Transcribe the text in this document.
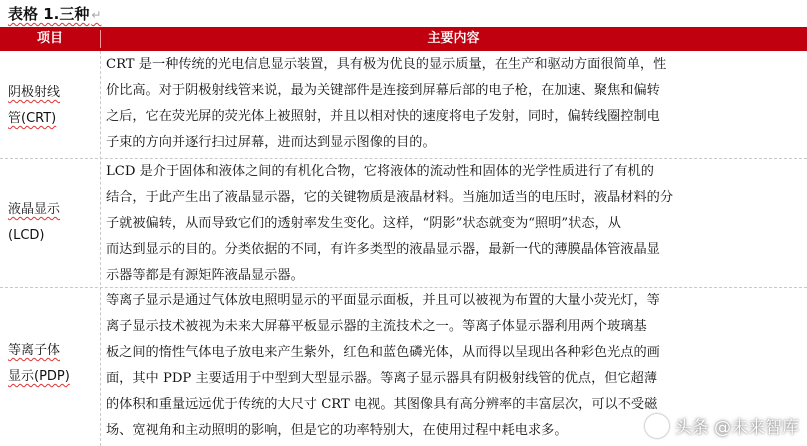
表格 1.三种 ↵
项目	主要内容
阴极射线
管(CRT)
CRT 是一种传统的光电信息显示装置，具有极为优良的显示质量，在生产和驱动方面很简单，性
价比高。对于阴极射线管来说，最为关键部件是连接到屏幕后部的电子枪，在加速、聚焦和偏转
之后，它在荧光屏的荧光体上被照射，并且以相对快的速度将电子发射，同时，偏转线圈控制电
子束的方向并逐行扫过屏幕，进而达到显示图像的目的。
液晶显示
(LCD)
LCD 是介于固体和液体之间的有机化合物，它将液体的流动性和固体的光学性质进行了有机的
结合，于此产生出了液晶显示器，它的关键物质是液晶材料。当施加适当的电压时，液晶材料的分
子就被偏转，从而导致它们的透射率发生变化。这样，“阴影”状态就变为“照明”状态，从
而达到显示的目的。分类依据的不同，有许多类型的液晶显示器，最新一代的薄膜晶体管液晶显
示器等都是有源矩阵液晶显示器。
等离子体
显示(PDP)
等离子显示是通过气体放电照明显示的平面显示面板，并且可以被视为布置的大量小荧光灯，等
离子显示技术被视为未来大屏幕平板显示器的主流技术之一。等离子体显示器利用两个玻璃基
板之间的惰性气体电子放电来产生紫外，红色和蓝色磷光体，从而得以呈现出各种彩色光点的画
面，其中 PDP 主要适用于中型到大型显示器。等离子显示器具有阴极射线管的优点，但它超薄
的体积和重量远远优于传统的大尺寸 CRT 电视。其图像具有高分辨率的丰富层次，可以不受磁
场、宽视角和主动照明的影响，但是它的功率特别大，在使用过程中耗电求多。	头条 @未来智库
